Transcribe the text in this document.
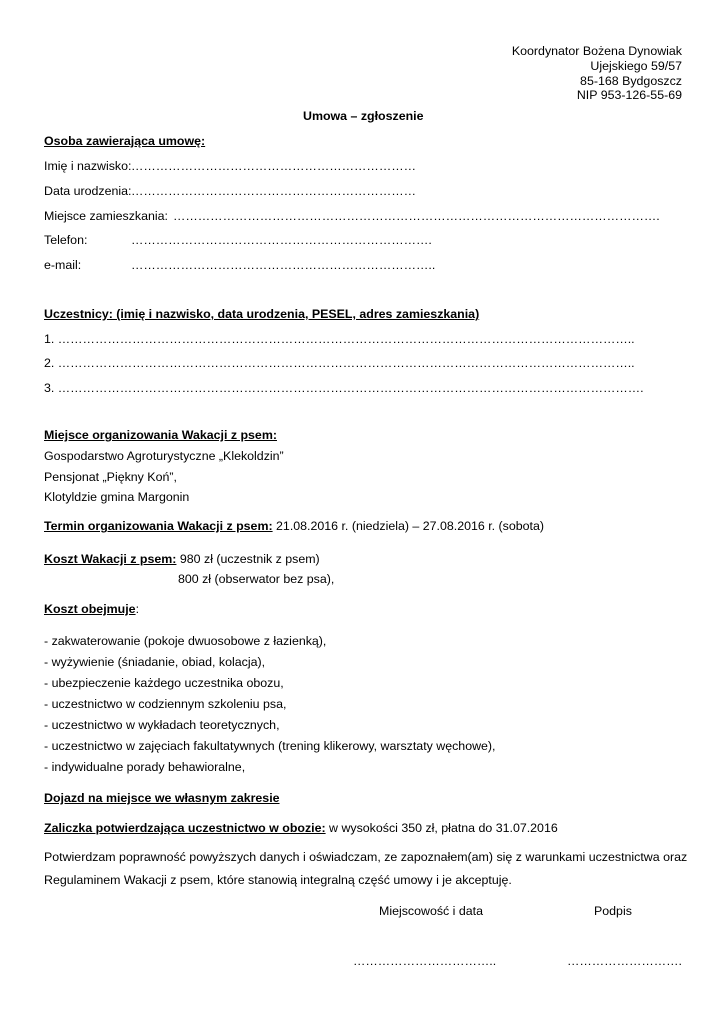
Koordynator Bożena Dynowiak
Ujejskiego 59/57
85-168 Bydgoszcz
NIP 953-126-55-69
Umowa – zgłoszenie
Osoba zawierająca umowę:
Imię i nazwisko: ……………………………………………………………
Data urodzenia: ……………………………………………………………
Miejsce zamieszkania: ……………………………………………………………………………………………………….
Telefon:	……………………………………………………………….
e-mail:	………………………………………………………………..
Uczestnicy: (imię i nazwisko, data urodzenia, PESEL, adres zamieszkania)
1. …………………………………………………………………………………………………………………………..
2. …………………………………………………………………………………………………………………………..
3. …………………………………………………………………………………………………………………………….
Miejsce organizowania Wakacji z psem:
Gospodarstwo Agroturystyczne „Klekoldzin”
Pensjonat „Piękny Koń”,
Klotyldzie gmina Margonin
Termin organizowania Wakacji z psem: 21.08.2016 r. (niedziela) – 27.08.2016 r. (sobota)
Koszt Wakacji z psem: 980 zł (uczestnik z psem)
800 zł (obserwator bez psa),
Koszt obejmuje:
- zakwaterowanie (pokoje dwuosobowe z łazienką),
- wyżywienie (śniadanie, obiad, kolacja),
- ubezpieczenie każdego uczestnika obozu,
- uczestnictwo w codziennym szkoleniu psa,
- uczestnictwo w wykładach teoretycznych,
- uczestnictwo w zajęciach fakultatywnych (trening klikerowy, warsztaty węchowe),
- indywidualne porady behawioralne,
Dojazd na miejsce we własnym zakresie
Zaliczka potwierdzająca uczestnictwo w obozie: w wysokości 350 zł, płatna do 31.07.2016
Potwierdzam poprawność powyższych danych i oświadczam, ze zapoznałem(am) się z warunkami uczestnictwa oraz
Regulaminem Wakacji z psem, które stanowią integralną część umowy i je akceptuję.
Miejscowość i data	Podpis
……………………………..	……………………….
